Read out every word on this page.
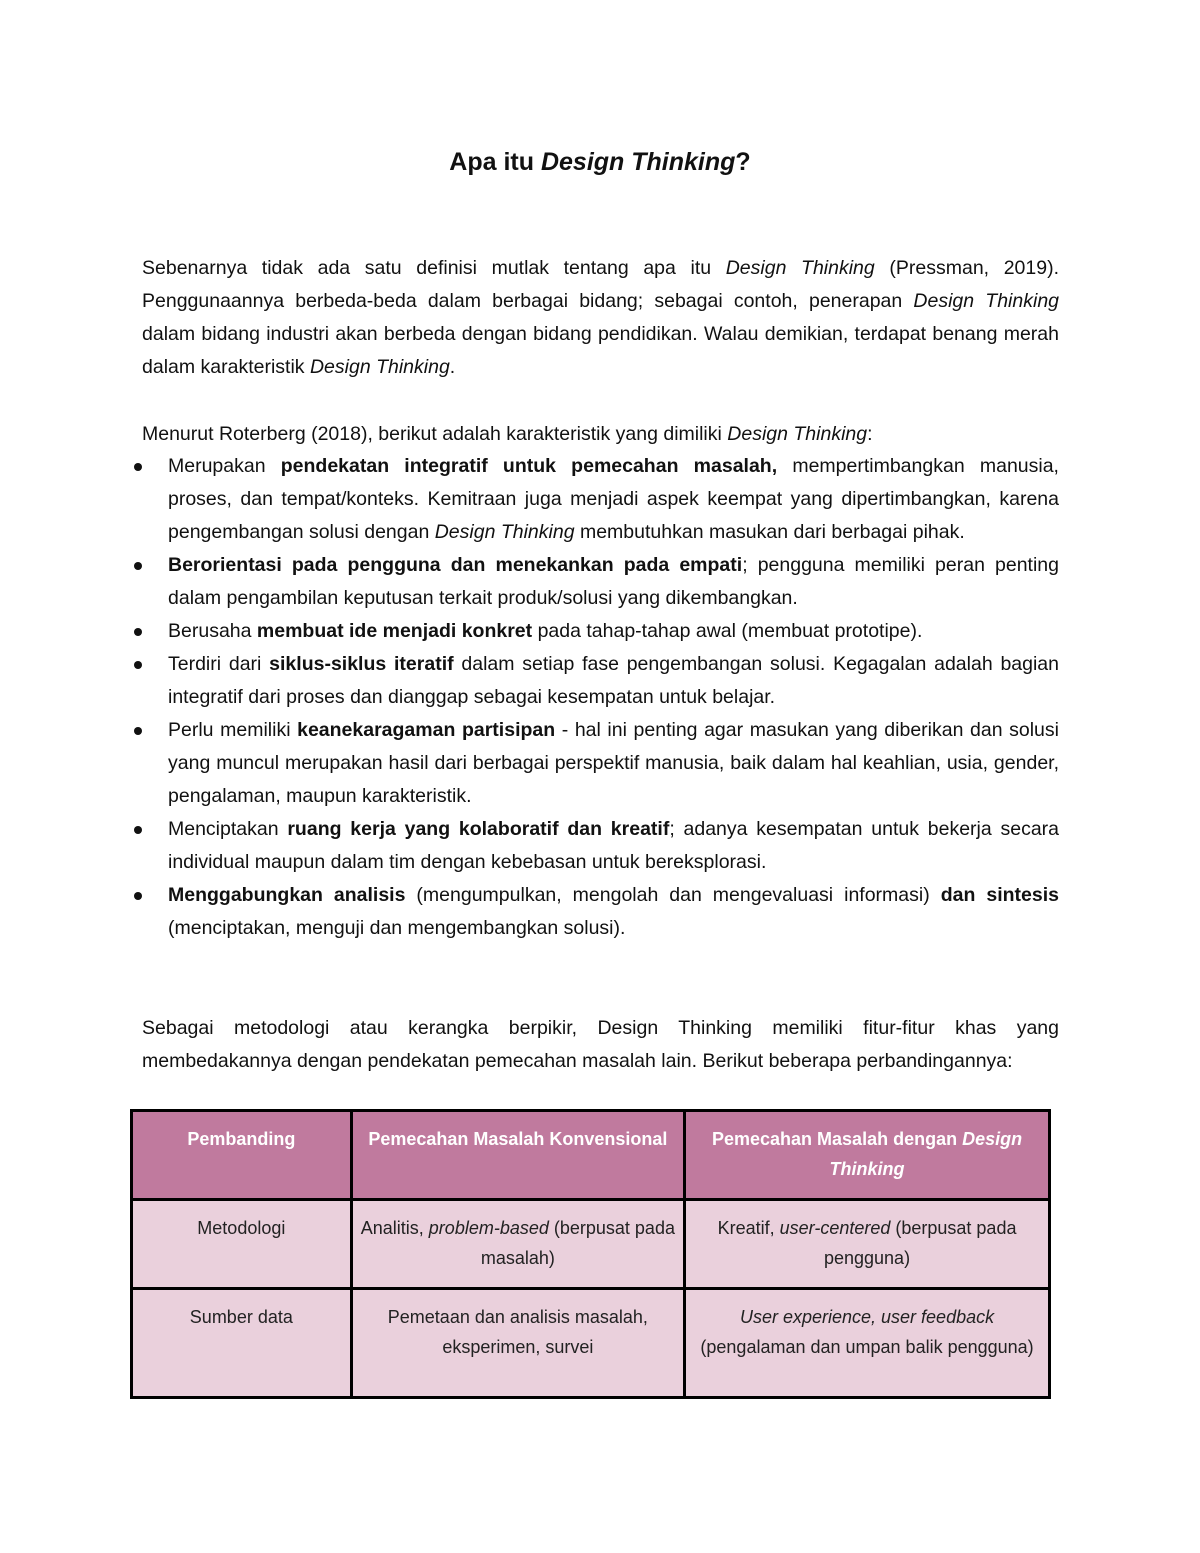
Apa itu Design Thinking?

Sebenarnya tidak ada satu definisi mutlak tentang apa itu Design Thinking (Pressman, 2019). Penggunaannya berbeda-beda dalam berbagai bidang; sebagai contoh, penerapan Design Thinking dalam bidang industri akan berbeda dengan bidang pendidikan. Walau demikian, terdapat benang merah dalam karakteristik Design Thinking.

Menurut Roterberg (2018), berikut adalah karakteristik yang dimiliki Design Thinking:

Merupakan pendekatan integratif untuk pemecahan masalah, mempertimbangkan manusia, proses, dan tempat/konteks. Kemitraan juga menjadi aspek keempat yang dipertimbangkan, karena pengembangan solusi dengan Design Thinking membutuhkan masukan dari berbagai pihak.
Berorientasi pada pengguna dan menekankan pada empati; pengguna memiliki peran penting dalam pengambilan keputusan terkait produk/solusi yang dikembangkan.
Berusaha membuat ide menjadi konkret pada tahap-tahap awal (membuat prototipe).
Terdiri dari siklus-siklus iteratif dalam setiap fase pengembangan solusi. Kegagalan adalah bagian integratif dari proses dan dianggap sebagai kesempatan untuk belajar.
Perlu memiliki keanekaragaman partisipan - hal ini penting agar masukan yang diberikan dan solusi yang muncul merupakan hasil dari berbagai perspektif manusia, baik dalam hal keahlian, usia, gender, pengalaman, maupun karakteristik.
Menciptakan ruang kerja yang kolaboratif dan kreatif; adanya kesempatan untuk bekerja secara individual maupun dalam tim dengan kebebasan untuk bereksplorasi.
Menggabungkan analisis (mengumpulkan, mengolah dan mengevaluasi informasi) dan sintesis (menciptakan, menguji dan mengembangkan solusi).

Sebagai metodologi atau kerangka berpikir, Design Thinking memiliki fitur-fitur khas yang membedakannya dengan pendekatan pemecahan masalah lain. Berikut beberapa perbandingannya:

Pembanding	Pemecahan Masalah Konvensional	Pemecahan Masalah dengan Design Thinking
Metodologi	Analitis, problem-based (berpusat pada masalah)	Kreatif, user-centered (berpusat pada pengguna)
Sumber data	Pemetaan dan analisis masalah, eksperimen, survei	User experience, user feedback (pengalaman dan umpan balik pengguna)
